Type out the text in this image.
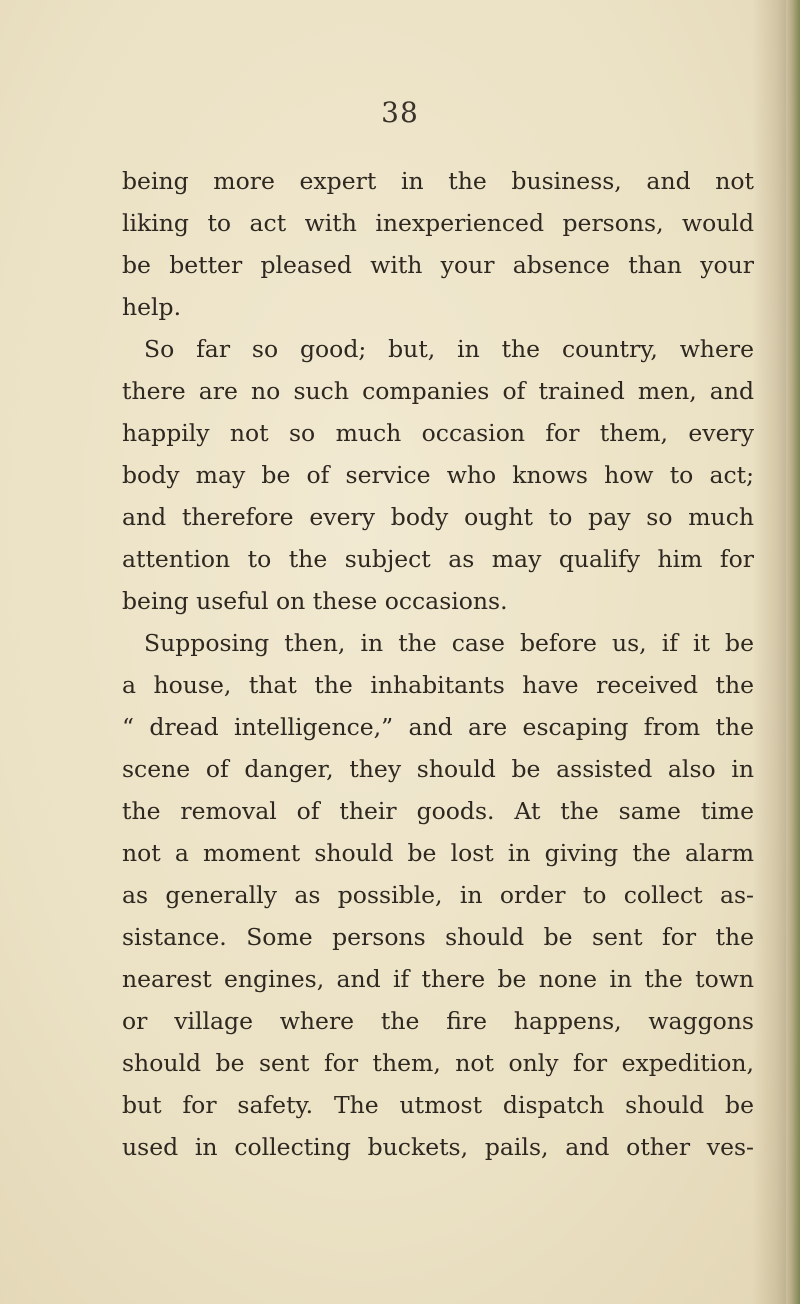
38
being more expert in the business, and not
liking to act with inexperienced persons, would
be better pleased with your absence than your
help.
So far so good; but, in the country, where
there are no such companies of trained men, and
happily not so much occasion for them, every
body may be of service who knows how to act;
and therefore every body ought to pay so much
attention to the subject as may qualify him for
being useful on these occasions.
Supposing then, in the case before us, if it be
a house, that the inhabitants have received the
“ dread intelligence,” and are escaping from the
scene of danger, they should be assisted also in
the removal of their goods. At the same time
not a moment should be lost in giving the alarm
as generally as possible, in order to collect as-
sistance. Some persons should be sent for the
nearest engines, and if there be none in the town
or village where the fire happens, waggons
should be sent for them, not only for expedition,
but for safety. The utmost dispatch should be
used in collecting buckets, pails, and other ves-
